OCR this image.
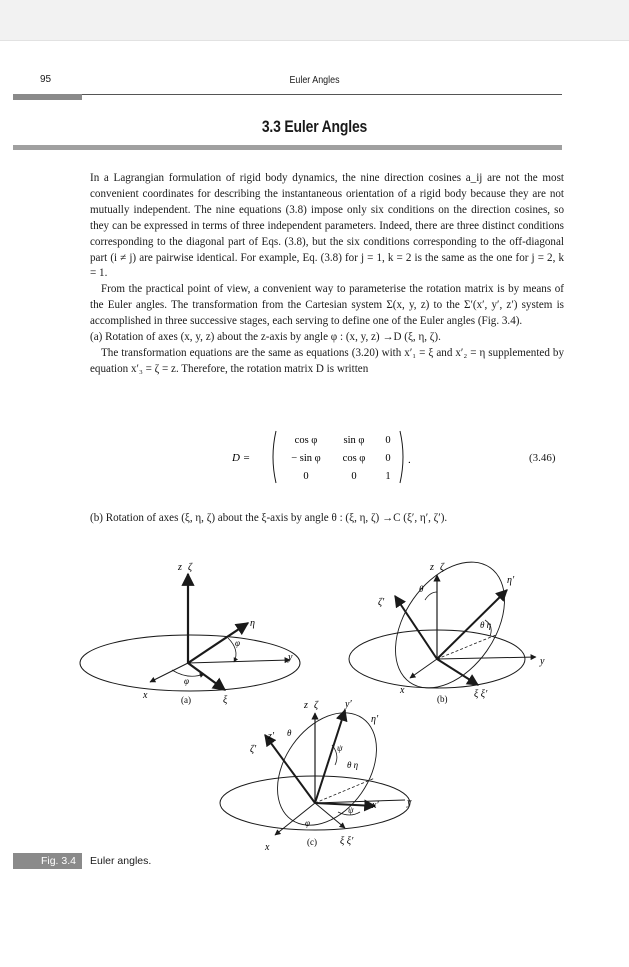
95	Euler Angles
3.3 Euler Angles

In a Lagrangian formulation of rigid body dynamics, the nine direction cosines a_ij are not the most convenient coordinates for describing the instantaneous orientation of a rigid body because they are not mutually independent. The nine equations (3.8) impose only six conditions on the direction cosines, so they can be expressed in terms of three independent parameters. Indeed, there are three distinct conditions corresponding to the diagonal part of Eqs. (3.8), but the six conditions corresponding to the off-diagonal part (i ≠ j) are pairwise identical. For example, Eq. (3.8) for j = 1, k = 2 is the same as the one for j = 2, k = 1.

From the practical point of view, a convenient way to parameterise the rotation matrix is by means of the Euler angles. The transformation from the Cartesian system Σ(x, y, z) to the Σ′(x′, y′, z′) system is accomplished in three successive stages, each serving to define one of the Euler angles (Fig. 3.4).

(a) Rotation of axes (x, y, z) about the z-axis by angle φ : (x, y, z) →D (ξ, η, ζ).

The transformation equations are the same as equations (3.20) with x′₁ = ξ and x′₂ = η supplemented by equation x′₃ = ζ = z. Therefore, the rotation matrix D is written

D =
cos φ sin φ 0
− sin φ cos φ 0
0	0	1
.	(3.46)

(b) Rotation of axes (ξ, η, ζ) about the ξ-axis by angle θ : (ξ, η, ζ) →C (ξ′, η′, ζ′).

z ζ
η
φ
φ
y
x	ξ
(a)
z ζ
θ
ζ′
η′
θ η
y
x	ξ ξ′
(b)
z ζ	y′
z′ θ
ζ′	ψ
η′
θ η
φ
ψ x′	y
x
ξ ξ′
(c)
Fig. 3.4	Euler angles.
